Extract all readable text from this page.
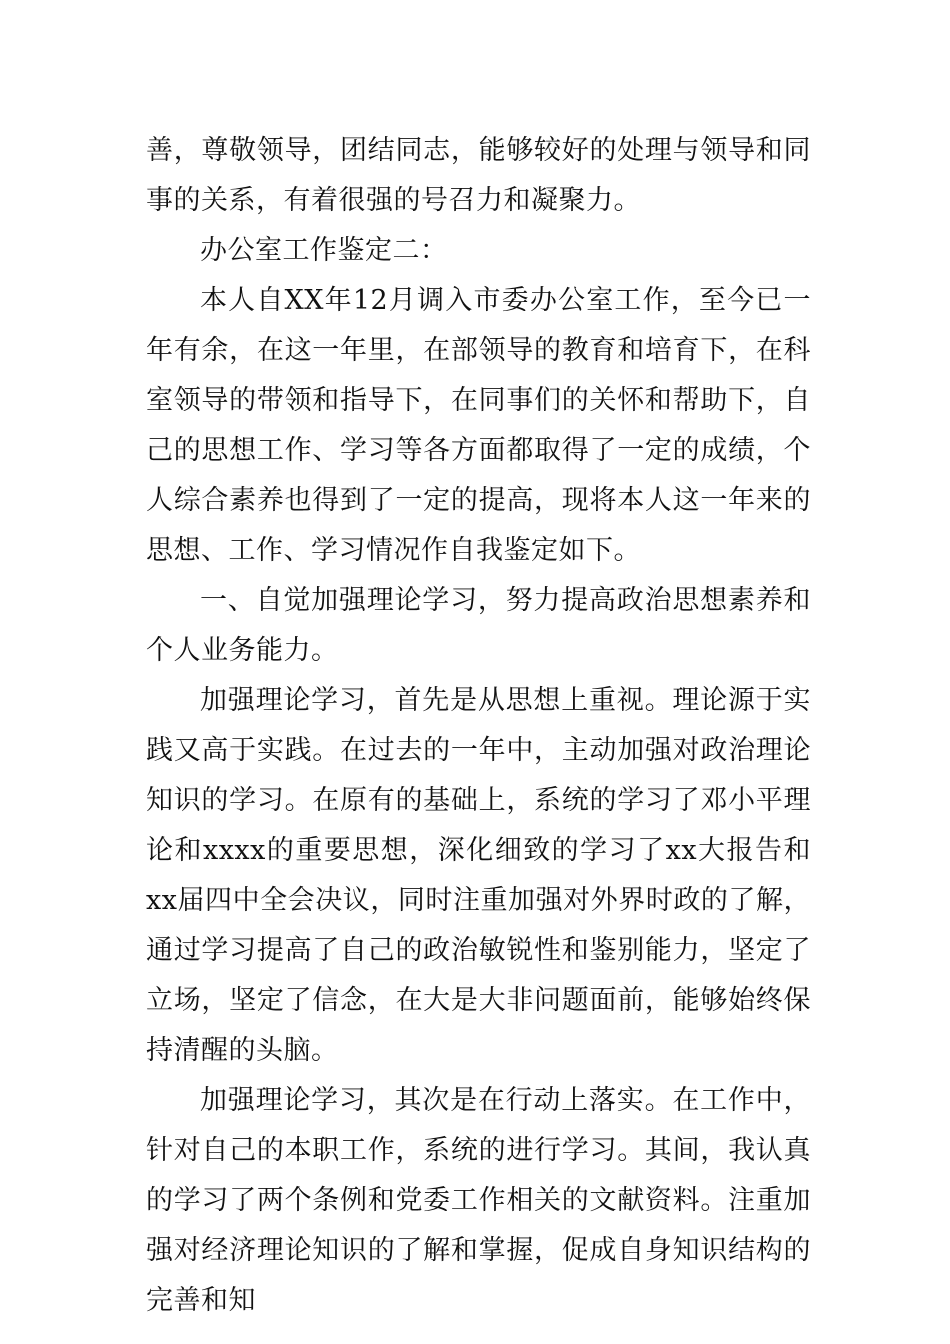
善，尊敬领导，团结同志，能够较好的处理与领导和同事的关系，有着很强的号召力和凝聚力。

办公室工作鉴定二：

本人自XX年12月调入市委办公室工作，至今已一年有余，在这一年里，在部领导的教育和培育下，在科室领导的带领和指导下，在同事们的关怀和帮助下，自己的思想工作、学习等各方面都取得了一定的成绩，个人综合素养也得到了一定的提高，现将本人这一年来的思想、工作、学习情况作自我鉴定如下。

一、自觉加强理论学习，努力提高政治思想素养和个人业务能力。

加强理论学习，首先是从思想上重视。理论源于实践又高于实践。在过去的一年中，主动加强对政治理论知识的学习。在原有的基础上，系统的学习了邓小平理论和xxxx的重要思想，深化细致的学习了xx大报告和xx届四中全会决议，同时注重加强对外界时政的了解，通过学习提高了自己的政治敏锐性和鉴别能力，坚定了立场，坚定了信念，在大是大非问题面前，能够始终保持清醒的头脑。

加强理论学习，其次是在行动上落实。在工作中，针对自己的本职工作，系统的进行学习。其间，我认真的学习了两个条例和党委工作相关的文献资料。注重加强对经济理论知识的了解和掌握，促成自身知识结构的完善和知
